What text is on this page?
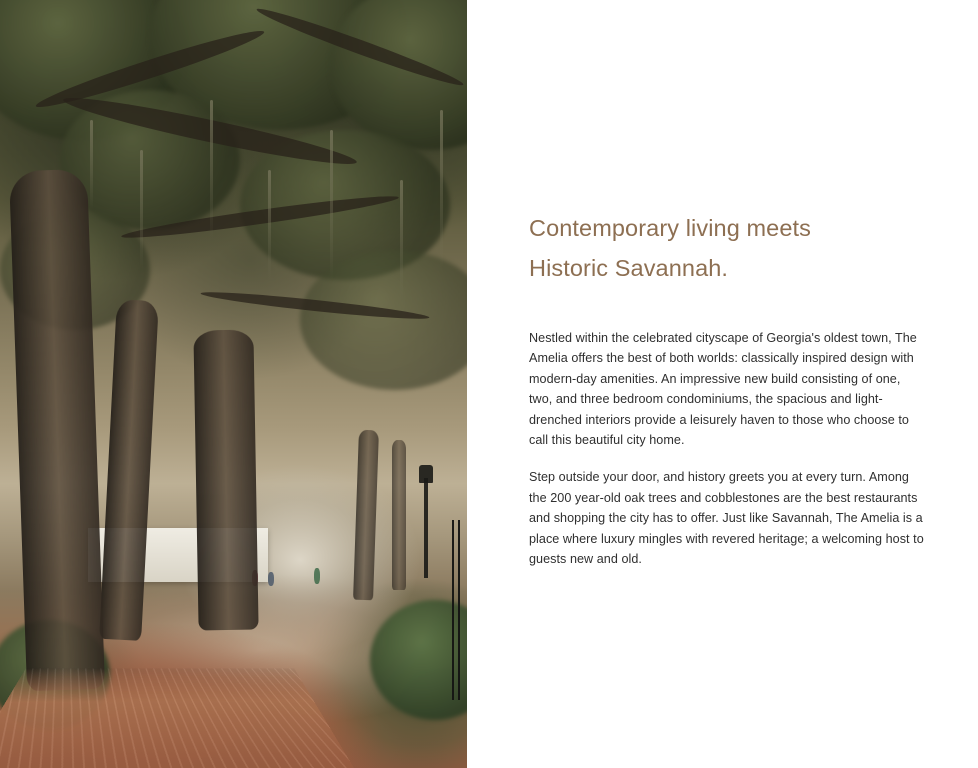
Contemporary living meets
Historic Savannah.

Nestled within the celebrated cityscape of Georgia's oldest town, The Amelia offers the best of both worlds: classically inspired design with modern-day amenities. An impressive new build consisting of one, two, and three bedroom condominiums, the spacious and light-drenched interiors provide a leisurely haven to those who choose to call this beautiful city home.

Step outside your door, and history greets you at every turn. Among the 200 year-old oak trees and cobblestones are the best restaurants and shopping the city has to offer. Just like Savannah, The Amelia is a place where luxury mingles with revered heritage; a welcoming host to guests new and old.
